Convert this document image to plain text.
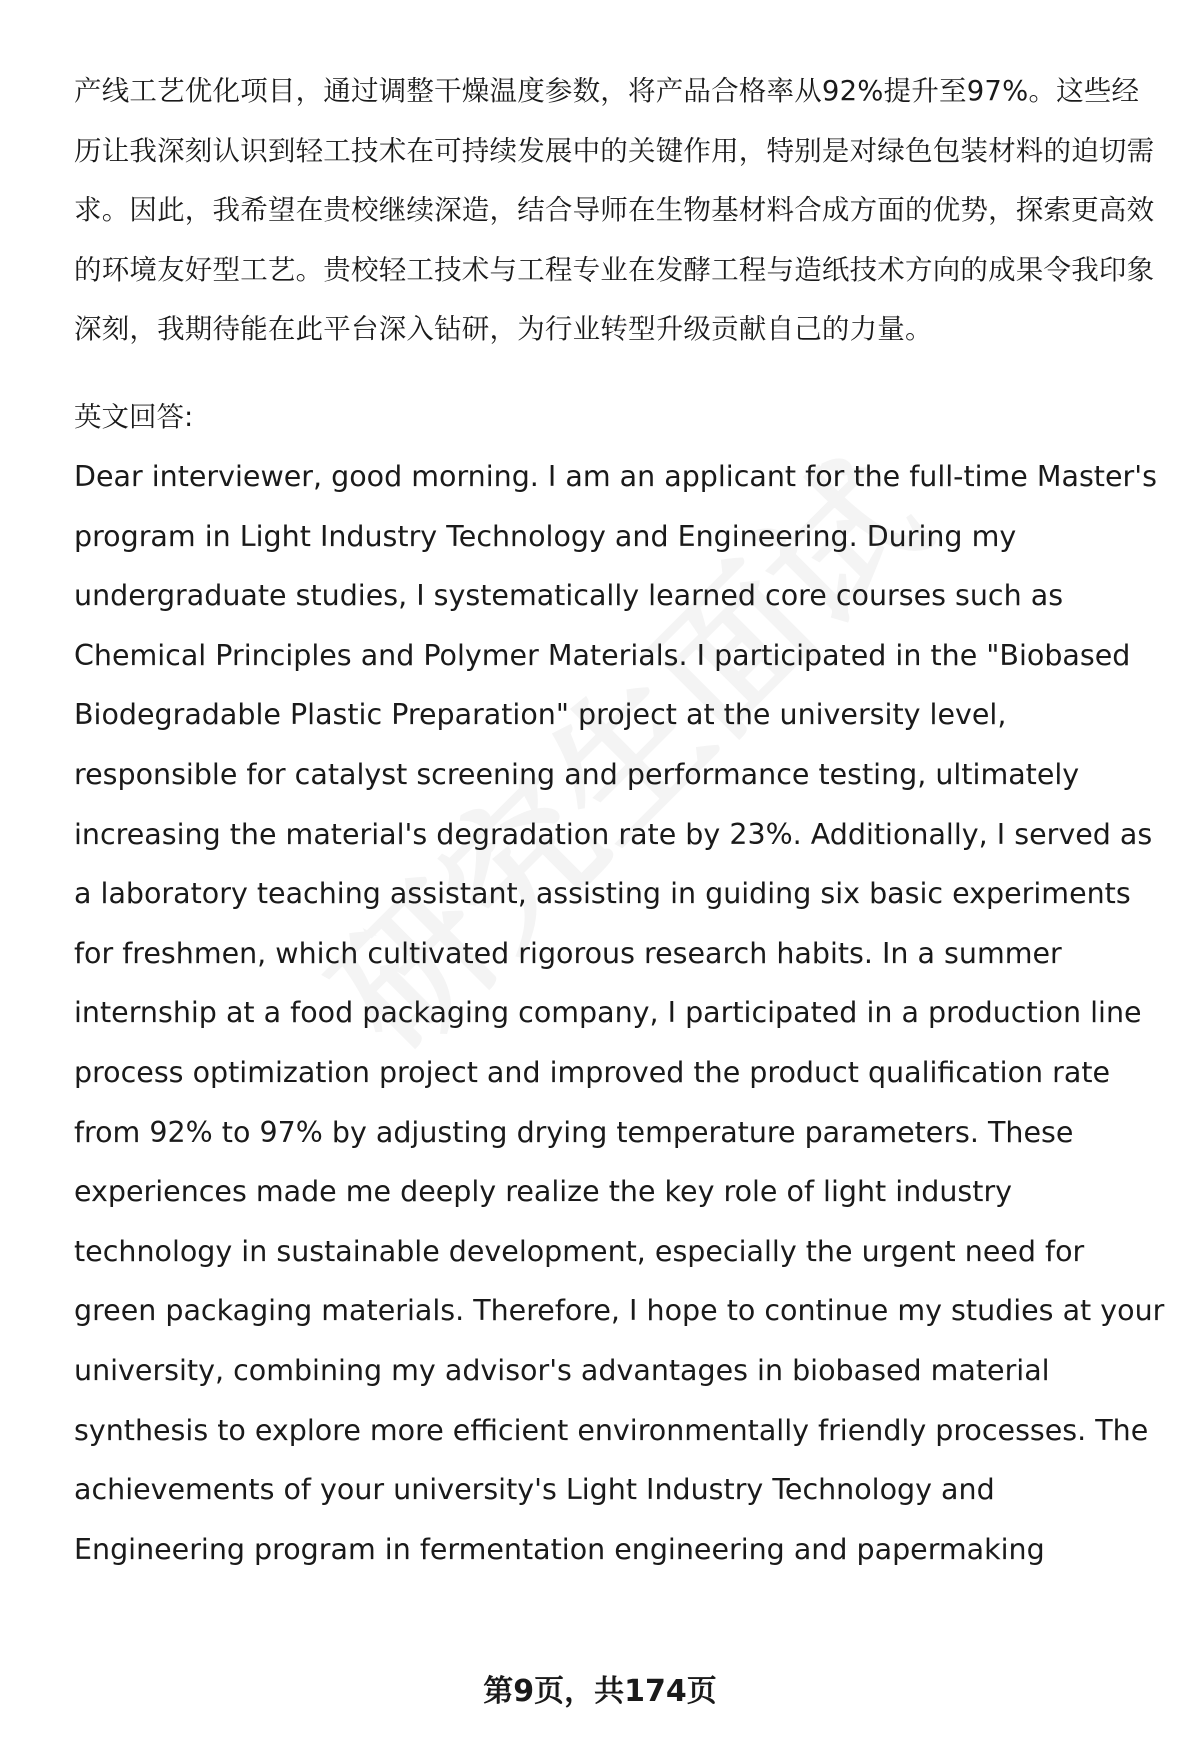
产线工艺优化项目，通过调整干燥温度参数，将产品合格率从92%提升至97%。这些经历让我深刻认识到轻工技术在可持续发展中的关键作用，特别是对绿色包装材料的迫切需求。因此，我希望在贵校继续深造，结合导师在生物基材料合成方面的优势，探索更高效的环境友好型工艺。贵校轻工技术与工程专业在发酵工程与造纸技术方向的成果令我印象深刻，我期待能在此平台深入钻研，为行业转型升级贡献自己的力量。

英文回答:

Dear interviewer, good morning. I am an applicant for the full-time Master's program in Light Industry Technology and Engineering. During my undergraduate studies, I systematically learned core courses such as Chemical Principles and Polymer Materials. I participated in the "Biobased Biodegradable Plastic Preparation" project at the university level, responsible for catalyst screening and performance testing, ultimately increasing the material's degradation rate by 23%. Additionally, I served as a laboratory teaching assistant, assisting in guiding six basic experiments for freshmen, which cultivated rigorous research habits. In a summer internship at a food packaging company, I participated in a production line process optimization project and improved the product qualification rate from 92% to 97% by adjusting drying temperature parameters. These experiences made me deeply realize the key role of light industry technology in sustainable development, especially the urgent need for green packaging materials. Therefore, I hope to continue my studies at your university, combining my advisor's advantages in biobased material synthesis to explore more efficient environmentally friendly processes. The achievements of your university's Light Industry Technology and Engineering program in fermentation engineering and papermaking

第9页，共174页
